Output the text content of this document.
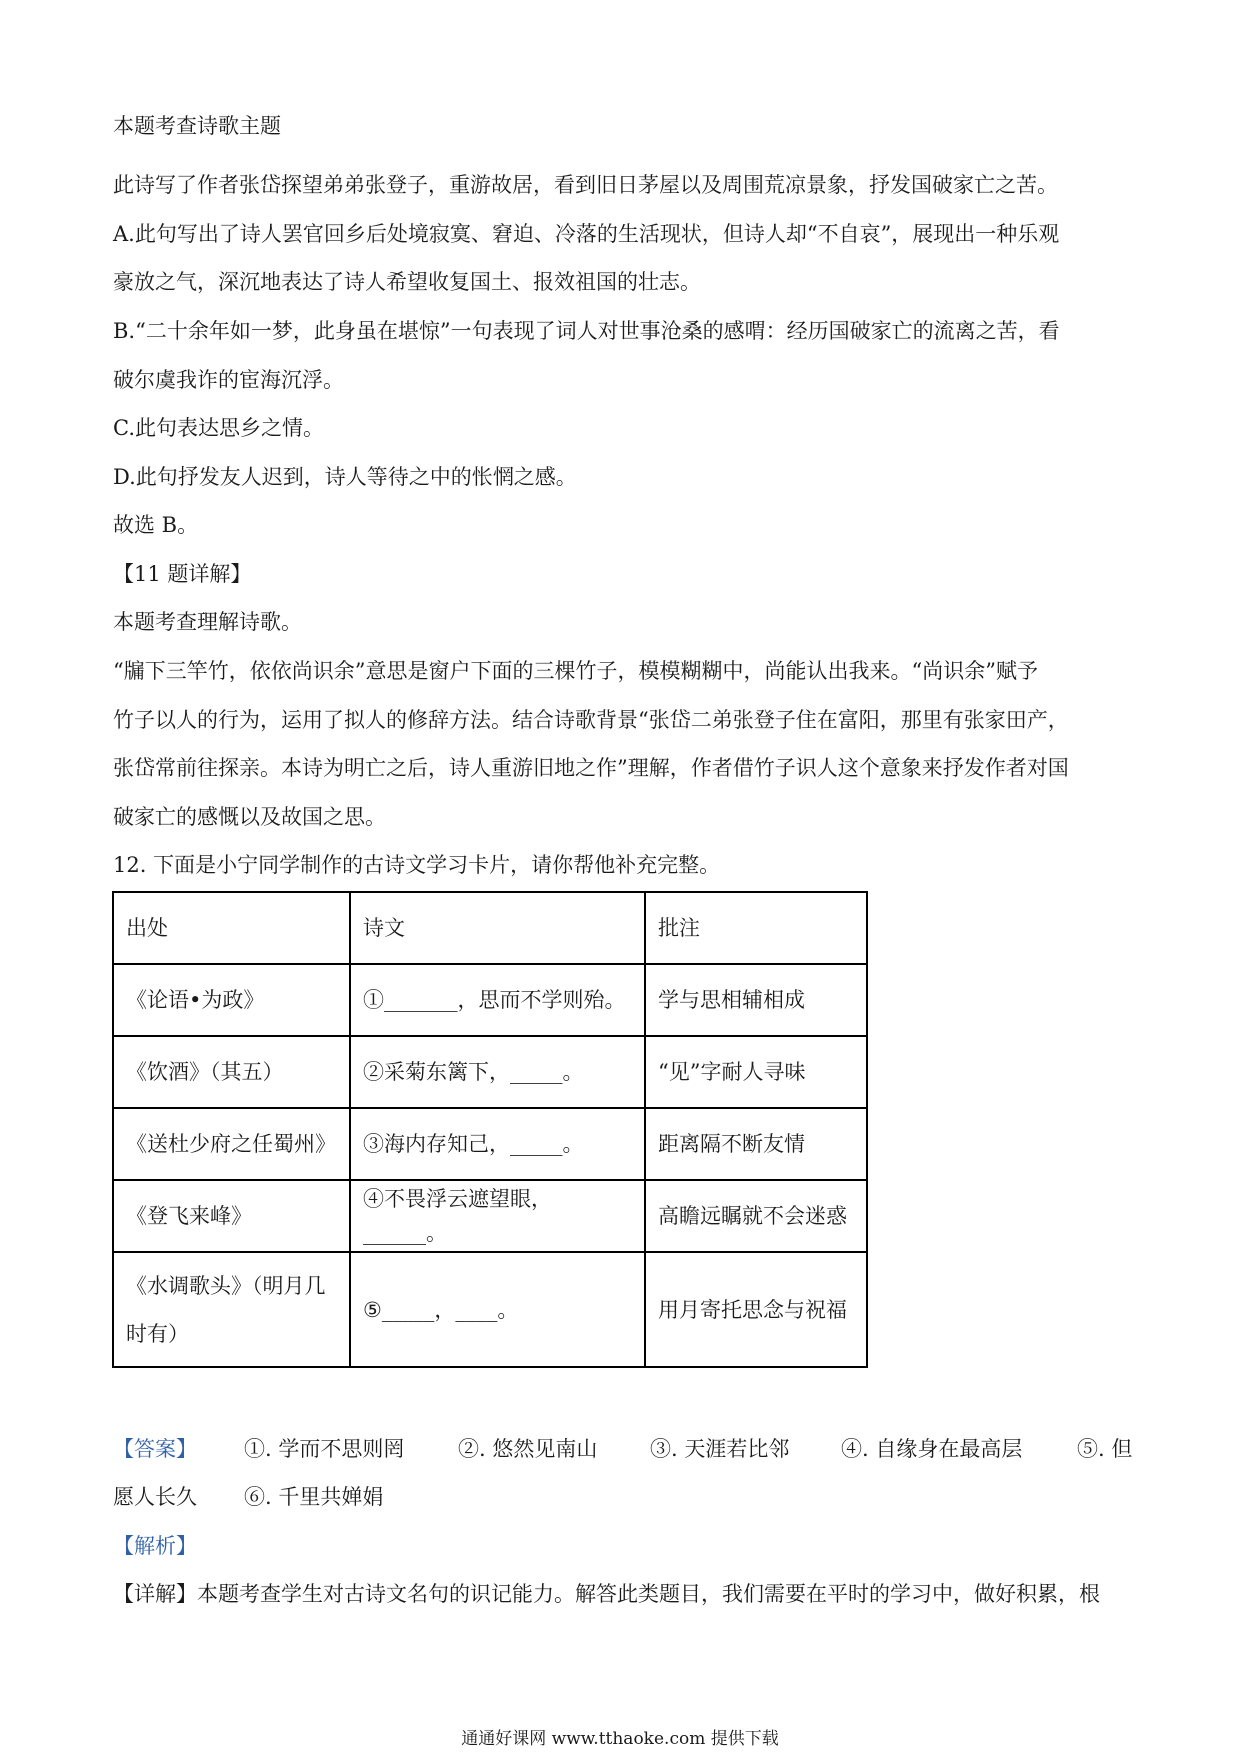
本题考查诗歌主题
此诗写了作者张岱探望弟弟张登子，重游故居，看到旧日茅屋以及周围荒凉景象，抒发国破家亡之苦。
A.此句写出了诗人罢官回乡后处境寂寞、窘迫、冷落的生活现状，但诗人却“不自哀”，展现出一种乐观
豪放之气，深沉地表达了诗人希望收复国土、报效祖国的壮志。
B.“二十余年如一梦，此身虽在堪惊”一句表现了词人对世事沧桑的感喟：经历国破家亡的流离之苦，看
破尔虞我诈的宦海沉浮。
C.此句表达思乡之情。
D.此句抒发友人迟到，诗人等待之中的怅惘之感。
故选 B。
【11 题详解】
本题考查理解诗歌。
“牖下三竿竹，依依尚识余”意思是窗户下面的三棵竹子，模模糊糊中，尚能认出我来。“尚识余”赋予
竹子以人的行为，运用了拟人的修辞方法。结合诗歌背景“张岱二弟张登子住在富阳，那里有张家田产，
张岱常前往探亲。本诗为明亡之后，诗人重游旧地之作”理解，作者借竹子识人这个意象来抒发作者对国
破家亡的感慨以及故国之思。
12. 下面是小宁同学制作的古诗文学习卡片，请你帮他补充完整。
出处	诗文	批注
《论语•为政》	①_______，思而不学则殆。	学与思相辅相成
《饮酒》（其五）	②采菊东篱下，_____。	“见”字耐人寻味
《送杜少府之任蜀州》	③海内存知己，_____。	距离隔不断友情
《登飞来峰》	④不畏浮云遮望眼，______。	高瞻远瞩就不会迷惑
《水调歌头》（明月几时有）	⑤_____，____。	用月寄托思念与祝福
【答案】 ①. 学而不思则罔	②. 悠然见南山	③. 天涯若比邻 ④. 自缘身在最高层	⑤. 但
愿人长久 ⑥. 千里共婵娟
【解析】
【详解】本题考查学生对古诗文名句的识记能力。解答此类题目，我们需要在平时的学习中，做好积累，根
通通好课网 www.tthaoke.com 提供下载
